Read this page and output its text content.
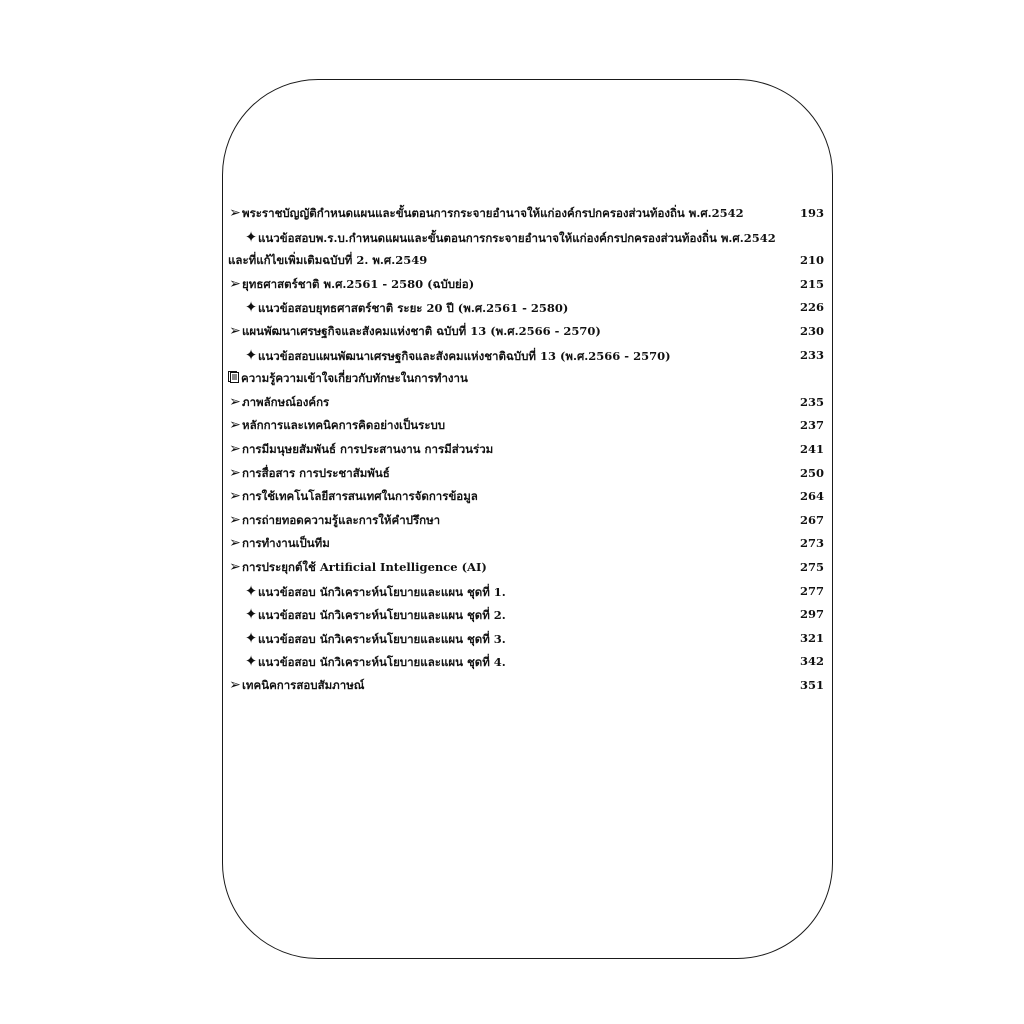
➢พระราชบัญญัติกำหนดแผนและขั้นตอนการกระจายอำนาจให้แก่องค์กรปกครองส่วนท้องถิ่น พ.ศ.2542	193
✦แนวข้อสอบพ.ร.บ.กำหนดแผนและขั้นตอนการกระจายอำนาจให้แก่องค์กรปกครองส่วนท้องถิ่น พ.ศ.2542
และที่แก้ไขเพิ่มเติมฉบับที่ 2. พ.ศ.2549	210
➢ยุทธศาสตร์ชาติ พ.ศ.2561 - 2580 (ฉบับย่อ)	215
✦แนวข้อสอบยุทธศาสตร์ชาติ ระยะ 20 ปี (พ.ศ.2561 - 2580)	226
➢แผนพัฒนาเศรษฐกิจและสังคมแห่งชาติ ฉบับที่ 13 (พ.ศ.2566 - 2570)	230
✦แนวข้อสอบแผนพัฒนาเศรษฐกิจและสังคมแห่งชาติฉบับที่ 13 (พ.ศ.2566 - 2570)	233
ความรู้ความเข้าใจเกี่ยวกับทักษะในการทำงาน
➢ภาพลักษณ์องค์กร	235
➢หลักการและเทคนิคการคิดอย่างเป็นระบบ	237
➢การมีมนุษยสัมพันธ์ การประสานงาน การมีส่วนร่วม	241
➢การสื่อสาร การประชาสัมพันธ์	250
➢การใช้เทคโนโลยีสารสนเทศในการจัดการข้อมูล	264
➢การถ่ายทอดความรู้และการให้คำปรึกษา	267
➢การทำงานเป็นทีม	273
➢การประยุกต์ใช้ Artificial Intelligence (AI)	275
✦แนวข้อสอบ นักวิเคราะห์นโยบายและแผน ชุดที่ 1.	277
✦แนวข้อสอบ นักวิเคราะห์นโยบายและแผน ชุดที่ 2.	297
✦แนวข้อสอบ นักวิเคราะห์นโยบายและแผน ชุดที่ 3.	321
✦แนวข้อสอบ นักวิเคราะห์นโยบายและแผน ชุดที่ 4.	342
➢เทคนิคการสอบสัมภาษณ์	351
